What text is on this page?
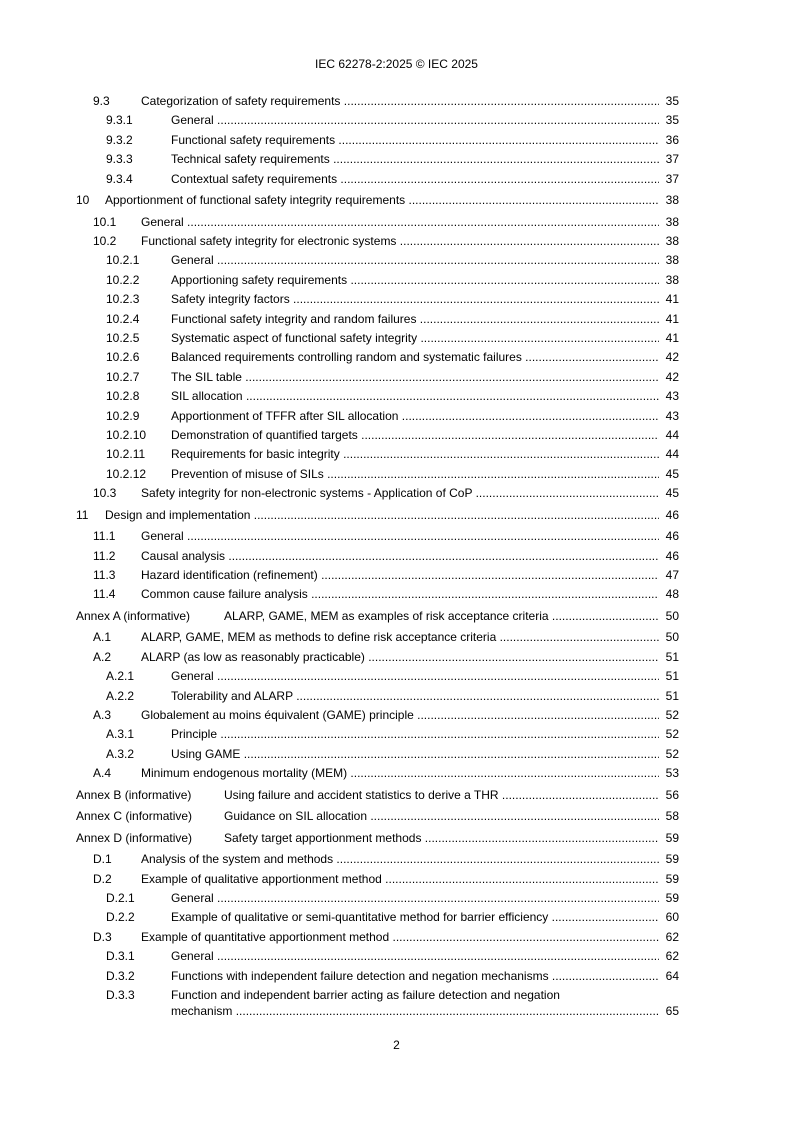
IEC 62278-2:2025 © IEC 2025
9.3	Categorization of safety requirements .....	35
9.3.1	General .....	35
9.3.2	Functional safety requirements .....	36
9.3.3	Technical safety requirements .....	37
9.3.4	Contextual safety requirements .....	37
10 Apportionment of functional safety integrity requirements .....	38
10.1 General .....	38
10.2 Functional safety integrity for electronic systems .....	38
10.2.1	General .....	38
10.2.2	Apportioning safety requirements .....	38
10.2.3	Safety integrity factors .....	41
10.2.4	Functional safety integrity and random failures .....	41
10.2.5	Systematic aspect of functional safety integrity .....	41
10.2.6	Balanced requirements controlling random and systematic failures .....	42
10.2.7	The SIL table .....	42
10.2.8	SIL allocation .....	43
10.2.9	Apportionment of TFFR after SIL allocation .....	43
10.2.10 Demonstration of quantified targets .....	44
10.2.11 Requirements for basic integrity .....	44
10.2.12 Prevention of misuse of SILs .....	45
10.3 Safety integrity for non-electronic systems - Application of CoP .....	45
11 Design and implementation .....	46
11.1 General .....	46
11.2 Causal analysis .....	46
11.3 Hazard identification (refinement) .....	47
11.4 Common cause failure analysis .....	48
Annex A (informative)	ALARP, GAME, MEM as examples of risk acceptance criteria .....	50
A.1 ALARP, GAME, MEM as methods to define risk acceptance criteria .....	50
A.2 ALARP (as low as reasonably practicable) .....	51
A.2.1	General .....	51
A.2.2	Tolerability and ALARP .....	51
A.3 Globalement au moins équivalent (GAME) principle .....	52
A.3.1	Principle .....	52
A.3.2	Using GAME .....	52
A.4 Minimum endogenous mortality (MEM) .....	53
Annex B (informative)	Using failure and accident statistics to derive a THR .....	56
Annex C (informative)	Guidance on SIL allocation .....	58
Annex D (informative)	Safety target apportionment methods .....	59
D.1 Analysis of the system and methods .....	59
D.2 Example of qualitative apportionment method .....	59
D.2.1	General .....	59
D.2.2	Example of qualitative or semi-quantitative method for barrier efficiency .....	60
D.3 Example of quantitative apportionment method .....	62
D.3.1	General .....	62
D.3.2	Functions with independent failure detection and negation mechanisms .....	64
D.3.3	Function and independent barrier acting as failure detection and negation
mechanism .....	65
2
